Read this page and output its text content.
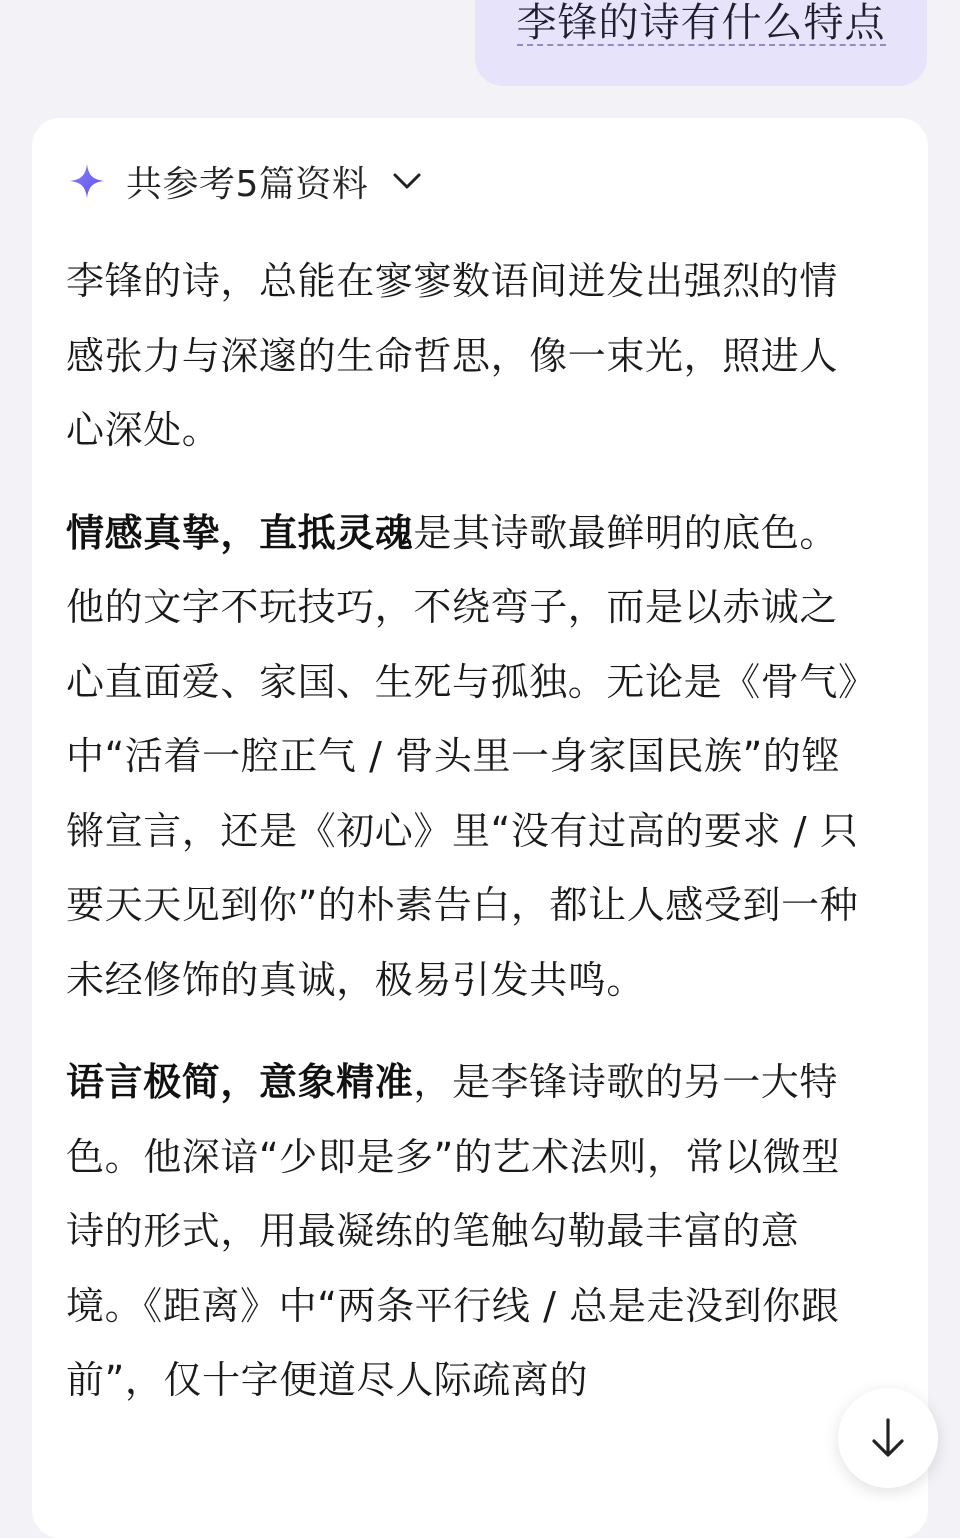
李锋的诗有什么特点
共参考5篇资料

李锋的诗，总能在寥寥数语间迸发出强烈的情感张力与深邃的生命哲思，像一束光，照进人心深处。

情感真挚，直抵灵魂是其诗歌最鲜明的底色。他的文字不玩技巧，不绕弯子，而是以赤诚之心直面爱、家国、生死与孤独。无论是《骨气》中“活着一腔正气 / 骨头里一身家国民族”的铿锵宣言，还是《初心》里“没有过高的要求 / 只要天天见到你”的朴素告白，都让人感受到一种未经修饰的真诚，极易引发共鸣。

语言极简，意象精准，是李锋诗歌的另一大特色。他深谙“少即是多”的艺术法则，常以微型诗的形式，用最凝练的笔触勾勒最丰富的意境。《距离》中“两条平行线 / 总是走没到你跟前”，仅十字便道尽人际疏离的
